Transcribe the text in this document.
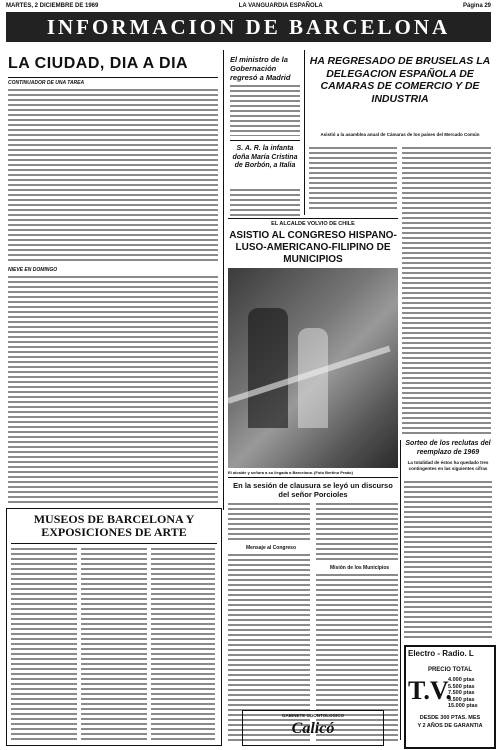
MARTES, 2 DICIEMBRE DE 1969	LA VANGUARDIA ESPAÑOLA	Página 29
INFORMACION DE BARCELONA
LA CIUDAD, DIA A DIA
CONTINUADOR DE UNA TAREA
NIEVE EN DOMINGO
MUSEOS DE BARCELONA Y EXPOSICIONES DE ARTE
El ministro de la Gobernación regresó a Madrid
S. A. R. la infanta doña María Cristina de Borbón, a Italia
HA REGRESADO DE BRUSELAS LA DELEGACION ESPAÑOLA DE CAMARAS DE COMERCIO Y DE INDUSTRIA
Asistió a la asamblea anual de Cámaras de los países del Mercado Común
EL ALCALDE VOLVIO DE CHILE
ASISTIO AL CONGRESO HISPANO-LUSO-AMERICANO-FILIPINO DE MUNICIPIOS
El alcalde y señora a su llegada a Barcelona. (Foto Bertino Prado)
En la sesión de clausura se leyó un discurso del señor Porcioles
Mensaje al Congreso
Misión de los Municipios
Sorteo de los reclutas del reemplazo de 1969
La totalidad de éstos ha quedado tres contingentes en las siguientes cifras
Electro - Radio. L
PRECIO TOTAL
T.V.
4.000 ptas
5.500 ptas
7.500 ptas
9.500 ptas
15.000 ptas
DESDE 300 PTAS. MES
Y 2 AÑOS DE GARANTIA
GABINETE ODONTOLOGICO
Calicó
